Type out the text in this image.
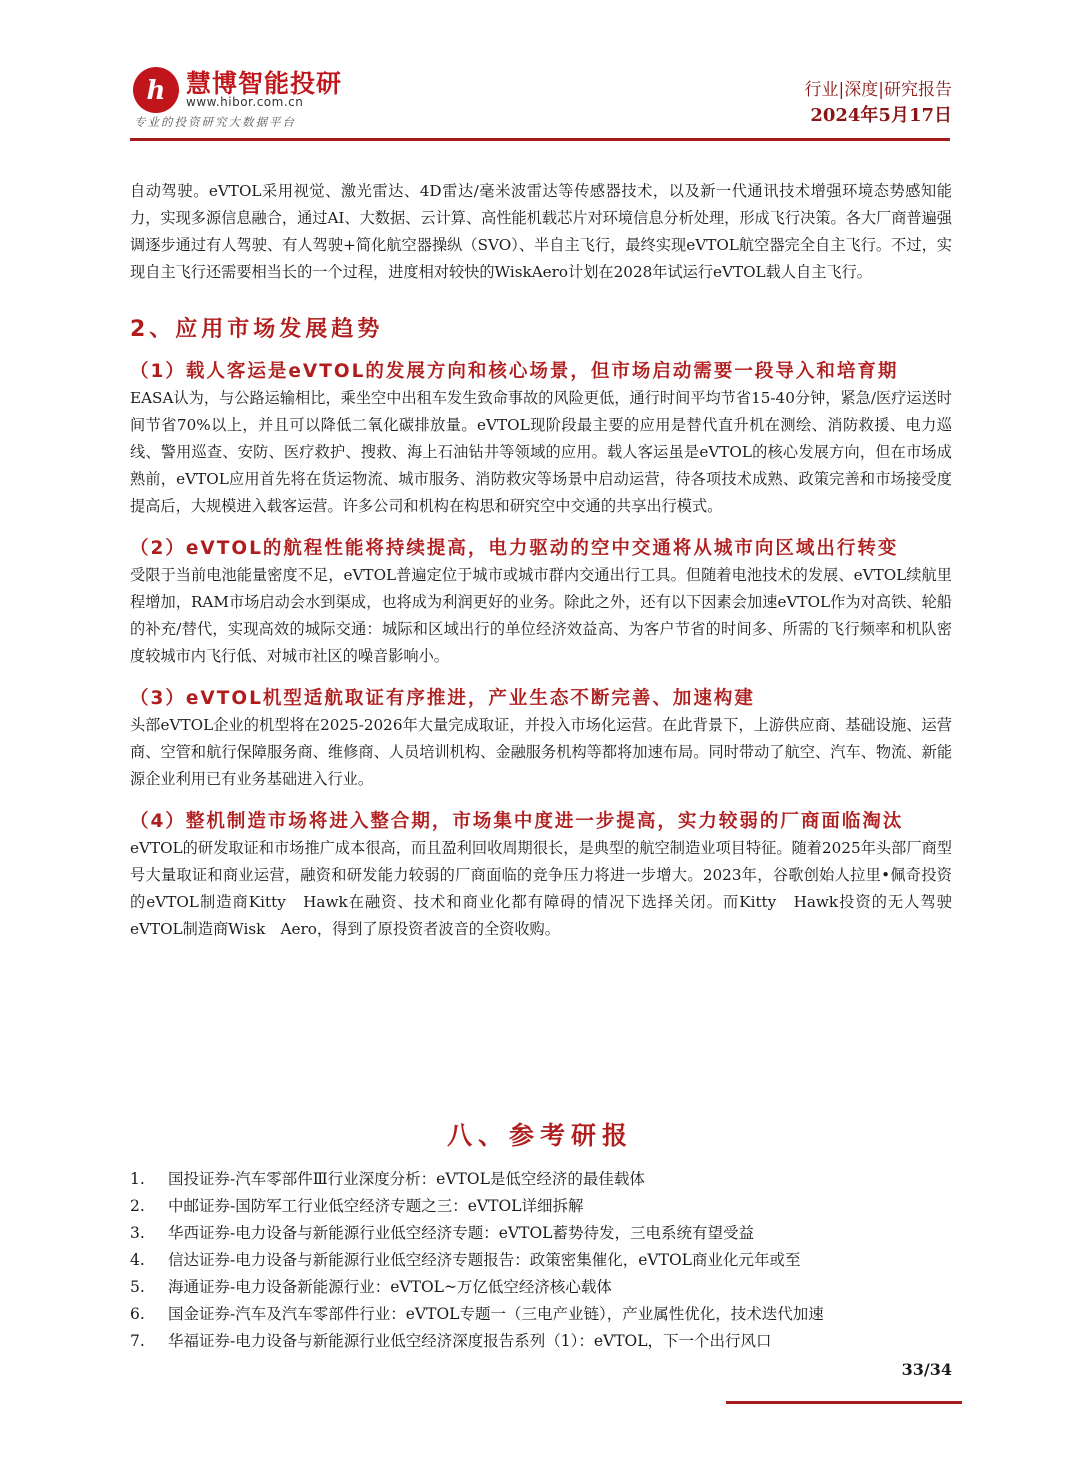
h 慧博智能投研
www.hibor.com.cn
专业的投资研究大数据平台
行业|深度|研究报告
2024年5月17日

自动驾驶。eVTOL采用视觉、激光雷达、4D雷达/毫米波雷达等传感器技术，以及新一代通讯技术增强环境态势感知能力，实现多源信息融合，通过AI、大数据、云计算、高性能机载芯片对环境信息分析处理，形成飞行决策。各大厂商普遍强调逐步通过有人驾驶、有人驾驶+简化航空器操纵（SVO）、半自主飞行，最终实现eVTOL航空器完全自主飞行。不过，实现自主飞行还需要相当长的一个过程，进度相对较快的WiskAero计划在2028年试运行eVTOL载人自主飞行。

2、应用市场发展趋势
（1）载人客运是eVTOL的发展方向和核心场景，但市场启动需要一段导入和培育期

EASA认为，与公路运输相比，乘坐空中出租车发生致命事故的风险更低，通行时间平均节省15-40分钟，紧急/医疗运送时间节省70%以上，并且可以降低二氧化碳排放量。eVTOL现阶段最主要的应用是替代直升机在测绘、消防救援、电力巡线、警用巡查、安防、医疗救护、搜救、海上石油钻井等领域的应用。载人客运虽是eVTOL的核心发展方向，但在市场成熟前，eVTOL应用首先将在货运物流、城市服务、消防救灾等场景中启动运营，待各项技术成熟、政策完善和市场接受度提高后，大规模进入载客运营。许多公司和机构在构思和研究空中交通的共享出行模式。

（2）eVTOL的航程性能将持续提高，电力驱动的空中交通将从城市向区域出行转变

受限于当前电池能量密度不足，eVTOL普遍定位于城市或城市群内交通出行工具。但随着电池技术的发展、eVTOL续航里程增加，RAM市场启动会水到渠成，也将成为利润更好的业务。除此之外，还有以下因素会加速eVTOL作为对高铁、轮船的补充/替代，实现高效的城际交通：城际和区域出行的单位经济效益高、为客户节省的时间多、所需的飞行频率和机队密度较城市内飞行低、对城市社区的噪音影响小。

（3）eVTOL机型适航取证有序推进，产业生态不断完善、加速构建

头部eVTOL企业的机型将在2025-2026年大量完成取证，并投入市场化运营。在此背景下，上游供应商、基础设施、运营商、空管和航行保障服务商、维修商、人员培训机构、金融服务机构等都将加速布局。同时带动了航空、汽车、物流、新能源企业利用已有业务基础进入行业。

（4）整机制造市场将进入整合期，市场集中度进一步提高，实力较弱的厂商面临淘汰

eVTOL的研发取证和市场推广成本很高，而且盈利回收周期很长，是典型的航空制造业项目特征。随着2025年头部厂商型号大量取证和商业运营，融资和研发能力较弱的厂商面临的竞争压力将进一步增大。2023年，谷歌创始人拉里•佩奇投资的eVTOL制造商Kitty　Hawk在融资、技术和商业化都有障碍的情况下选择关闭。而Kitty　Hawk投资的无人驾驶eVTOL制造商Wisk　Aero，得到了原投资者波音的全资收购。

八、参考研报
1.	国投证券-汽车零部件Ⅲ行业深度分析：eVTOL是低空经济的最佳载体
2.	中邮证券-国防军工行业低空经济专题之三：eVTOL详细拆解
3.	华西证券-电力设备与新能源行业低空经济专题：eVTOL蓄势待发，三电系统有望受益
4.	信达证券-电力设备与新能源行业低空经济专题报告：政策密集催化，eVTOL商业化元年或至
5.	海通证券-电力设备新能源行业：eVTOL~万亿低空经济核心载体
6.	国金证券-汽车及汽车零部件行业：eVTOL专题一（三电产业链），产业属性优化，技术迭代加速
7.	华福证券-电力设备与新能源行业低空经济深度报告系列（1）：eVTOL，下一个出行风口
33/34
